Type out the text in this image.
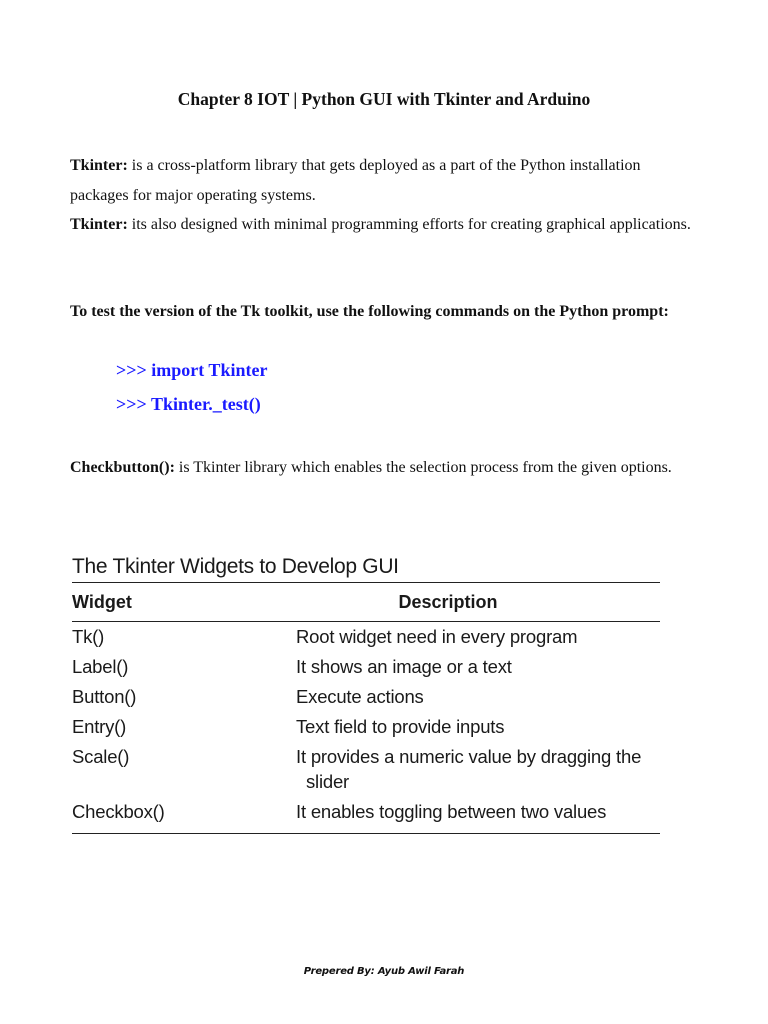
Chapter 8 IOT | Python GUI with Tkinter and Arduino

Tkinter: is a cross-platform library that gets deployed as a part of the Python installation packages for major operating systems.
Tkinter: its also designed with minimal programming efforts for creating graphical applications.

To test the version of the Tk toolkit, use the following commands on the Python prompt:

>>> import Tkinter
>>> Tkinter._test()

Checkbutton(): is Tkinter library which enables the selection process from the given options.

The Tkinter Widgets to Develop GUI
Widget	Description
Tk()	Root widget need in every program
Label()	It shows an image or a text
Button()	Execute actions
Entry()	Text field to provide inputs
Scale()	It provides a numeric value by dragging the
slider
Checkbox()	It enables toggling between two values
Prepered By: Ayub Awil Farah
